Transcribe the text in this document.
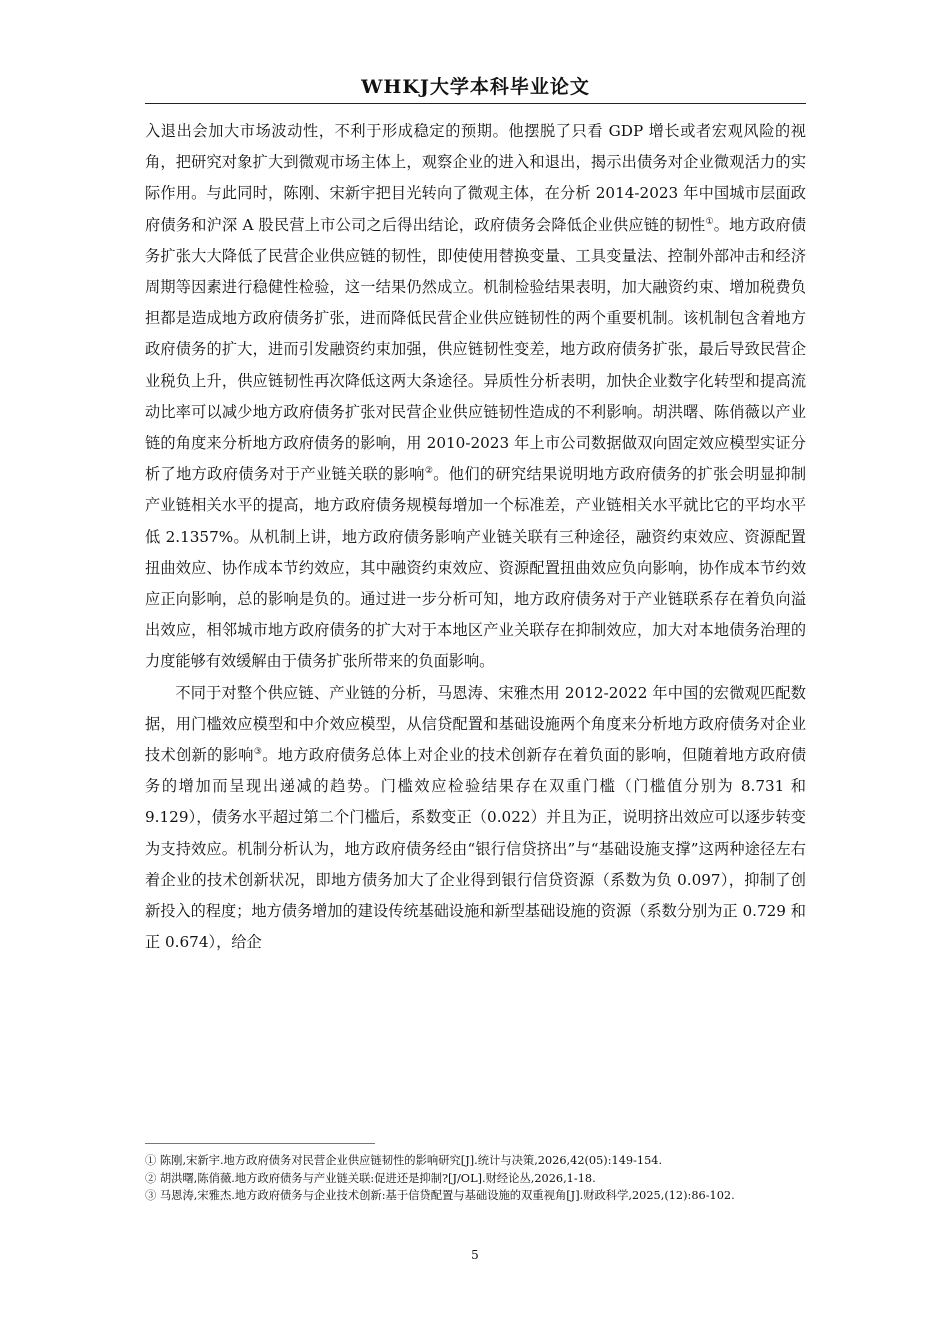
WHKJ大学本科毕业论文

入退出会加大市场波动性，不利于形成稳定的预期。他摆脱了只看 GDP 增长或者宏观风险的视角，把研究对象扩大到微观市场主体上，观察企业的进入和退出，揭示出债务对企业微观活力的实际作用。与此同时，陈刚、宋新宇把目光转向了微观主体，在分析 2014-2023 年中国城市层面政府债务和沪深 A 股民营上市公司之后得出结论，政府债务会降低企业供应链的韧性①。地方政府债务扩张大大降低了民营企业供应链的韧性，即使使用替换变量、工具变量法、控制外部冲击和经济周期等因素进行稳健性检验，这一结果仍然成立。机制检验结果表明，加大融资约束、增加税费负担都是造成地方政府债务扩张，进而降低民营企业供应链韧性的两个重要机制。该机制包含着地方政府债务的扩大，进而引发融资约束加强，供应链韧性变差，地方政府债务扩张，最后导致民营企业税负上升，供应链韧性再次降低这两大条途径。异质性分析表明，加快企业数字化转型和提高流动比率可以减少地方政府债务扩张对民营企业供应链韧性造成的不利影响。胡洪曙、陈俏薇以产业链的角度来分析地方政府债务的影响，用 2010-2023 年上市公司数据做双向固定效应模型实证分析了地方政府债务对于产业链关联的影响②。他们的研究结果说明地方政府债务的扩张会明显抑制产业链相关水平的提高，地方政府债务规模每增加一个标准差，产业链相关水平就比它的平均水平低 2.1357%。从机制上讲，地方政府债务影响产业链关联有三种途径，融资约束效应、资源配置扭曲效应、协作成本节约效应，其中融资约束效应、资源配置扭曲效应负向影响，协作成本节约效应正向影响，总的影响是负的。通过进一步分析可知，地方政府债务对于产业链联系存在着负向溢出效应，相邻城市地方政府债务的扩大对于本地区产业关联存在抑制效应，加大对本地债务治理的力度能够有效缓解由于债务扩张所带来的负面影响。

不同于对整个供应链、产业链的分析，马恩涛、宋雅杰用 2012-2022 年中国的宏微观匹配数据，用门槛效应模型和中介效应模型，从信贷配置和基础设施两个角度来分析地方政府债务对企业技术创新的影响③。地方政府债务总体上对企业的技术创新存在着负面的影响，但随着地方政府债务的增加而呈现出递减的趋势。门槛效应检验结果存在双重门槛（门槛值分别为 8.731 和 9.129），债务水平超过第二个门槛后，系数变正（0.022）并且为正，说明挤出效应可以逐步转变为支持效应。机制分析认为，地方政府债务经由“银行信贷挤出”与“基础设施支撑”这两种途径左右着企业的技术创新状况，即地方债务加大了企业得到银行信贷资源（系数为负 0.097），抑制了创新投入的程度；地方债务增加的建设传统基础设施和新型基础设施的资源（系数分别为正 0.729 和正 0.674），给企

① 陈刚,宋新宇.地方政府债务对民营企业供应链韧性的影响研究[J].统计与决策,2026,42(05):149-154.

② 胡洪曙,陈俏薇.地方政府债务与产业链关联:促进还是抑制?[J/OL].财经论丛,2026,1-18.

③ 马恩涛,宋雅杰.地方政府债务与企业技术创新:基于信贷配置与基础设施的双重视角[J].财政科学,2025,(12):86-102.

5
